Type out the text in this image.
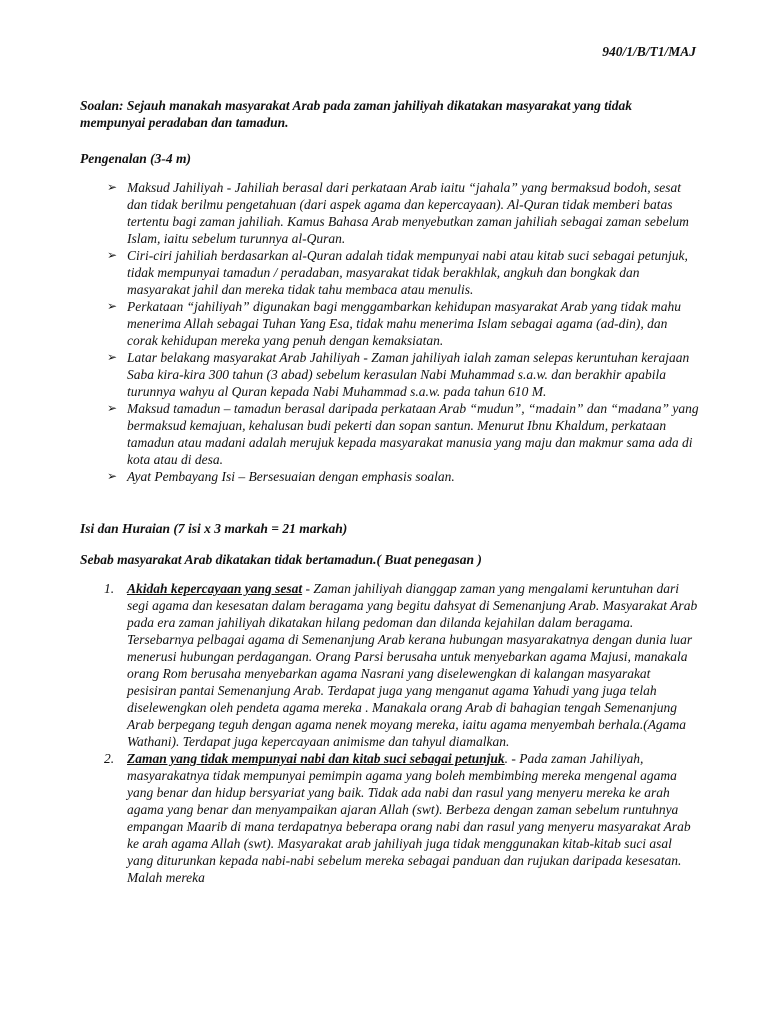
940/1/B/T1/MAJ
Soalan: Sejauh manakah masyarakat Arab pada zaman jahiliyah dikatakan masyarakat yang tidak mempunyai peradaban dan tamadun.
Pengenalan (3-4 m)
➢ Maksud Jahiliyah - Jahiliah berasal dari perkataan Arab iaitu “jahala” yang bermaksud bodoh, sesat dan tidak berilmu pengetahuan (dari aspek agama dan kepercayaan). Al-Quran tidak memberi batas tertentu bagi zaman jahiliah. Kamus Bahasa Arab menyebutkan zaman jahiliah sebagai zaman sebelum Islam, iaitu sebelum turunnya al-Quran.
➢ Ciri-ciri jahiliah berdasarkan al-Quran adalah tidak mempunyai nabi atau kitab suci sebagai petunjuk, tidak mempunyai tamadun / peradaban, masyarakat tidak berakhlak, angkuh dan bongkak dan masyarakat jahil dan mereka tidak tahu membaca atau menulis.
➢ Perkataan “jahiliyah” digunakan bagi menggambarkan kehidupan masyarakat Arab yang tidak mahu menerima Allah sebagai Tuhan Yang Esa, tidak mahu menerima Islam sebagai agama (ad-din), dan corak kehidupan mereka yang penuh dengan kemaksiatan.
➢ Latar belakang masyarakat Arab Jahiliyah - Zaman jahiliyah ialah zaman selepas keruntuhan kerajaan Saba kira-kira 300 tahun (3 abad) sebelum kerasulan Nabi Muhammad s.a.w. dan berakhir apabila turunnya wahyu al Quran kepada Nabi Muhammad s.a.w. pada tahun 610 M.
➢ Maksud tamadun – tamadun berasal daripada perkataan Arab “mudun”, “madain” dan “madana” yang bermaksud kemajuan, kehalusan budi pekerti dan sopan santun. Menurut Ibnu Khaldum, perkataan tamadun atau madani adalah merujuk kepada masyarakat manusia yang maju dan makmur sama ada di kota atau di desa.
➢ Ayat Pembayang Isi – Bersesuaian dengan emphasis soalan.
Isi dan Huraian (7 isi x 3 markah = 21 markah)
Sebab masyarakat Arab dikatakan tidak bertamadun.( Buat penegasan )
1. Akidah kepercayaan yang sesat - Zaman jahiliyah dianggap zaman yang mengalami keruntuhan dari segi agama dan kesesatan dalam beragama yang begitu dahsyat di Semenanjung Arab. Masyarakat Arab pada era zaman jahiliyah dikatakan hilang pedoman dan dilanda kejahilan dalam beragama. Tersebarnya pelbagai agama di Semenanjung Arab kerana hubungan masyarakatnya dengan dunia luar menerusi hubungan perdagangan. Orang Parsi berusaha untuk menyebarkan agama Majusi, manakala orang Rom berusaha menyebarkan agama Nasrani yang diselewengkan di kalangan masyarakat pesisiran pantai Semenanjung Arab. Terdapat juga yang menganut agama Yahudi yang juga telah diselewengkan oleh pendeta agama mereka . Manakala orang Arab di bahagian tengah Semenanjung Arab berpegang teguh dengan agama nenek moyang mereka, iaitu agama menyembah berhala.(Agama Wathani). Terdapat juga kepercayaan animisme dan tahyul diamalkan.
2. Zaman yang tidak mempunyai nabi dan kitab suci sebagai petunjuk. - Pada zaman Jahiliyah, masyarakatnya tidak mempunyai pemimpin agama yang boleh membimbing mereka mengenal agama yang benar dan hidup bersyariat yang baik. Tidak ada nabi dan rasul yang menyeru mereka ke arah agama yang benar dan menyampaikan ajaran Allah (swt). Berbeza dengan zaman sebelum runtuhnya empangan Maarib di mana terdapatnya beberapa orang nabi dan rasul yang menyeru masyarakat Arab ke arah agama Allah (swt). Masyarakat arab jahiliyah juga tidak menggunakan kitab-kitab suci asal yang diturunkan kepada nabi-nabi sebelum mereka sebagai panduan dan rujukan daripada kesesatan. Malah mereka
